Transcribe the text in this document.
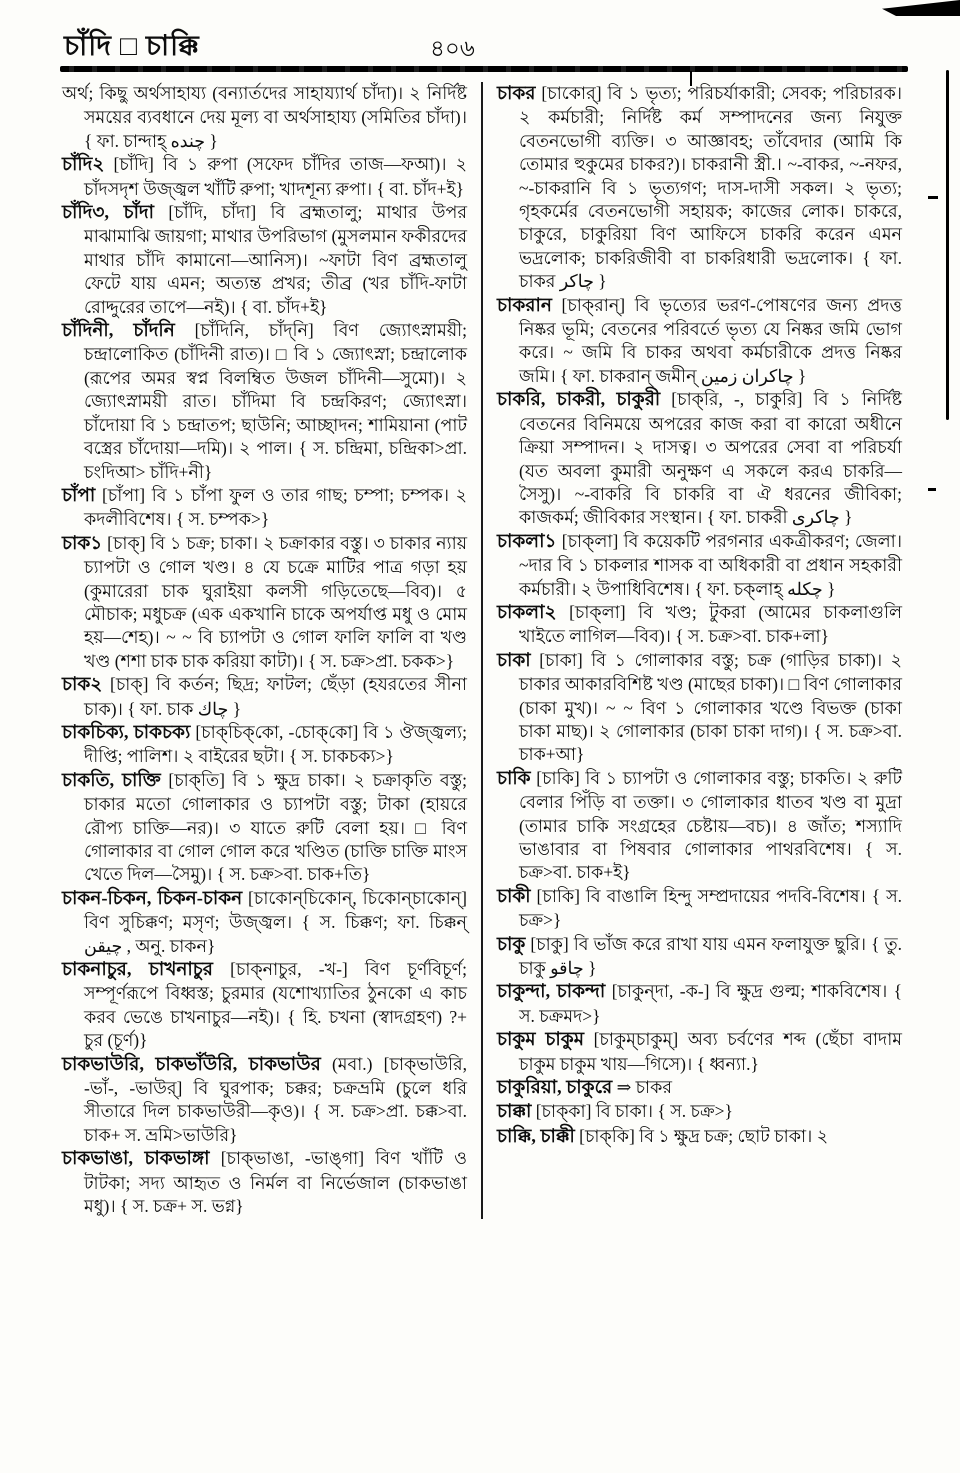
চাঁদি □ চাক্কি	৪০৬

অর্থ; কিছু অর্থসাহায্য (বন্যার্তদের সাহায্যার্থ চাঁদা)। ২ নির্দিষ্ট সময়ের ব্যবধানে দেয় মূল্য বা অর্থসাহায্য (সমিতির চাঁদা)। { ফা. চান্দাহ্ چنده }

চাঁদি২ [চাঁদি] বি ১ রুপা (সফেদ চাঁদির তাজ—ফআ)। ২ চাঁদসদৃশ উজ্জ্বল খাঁটি রুপা; খাদশূন্য রুপা। { বা. চাঁদ+ই}

চাঁদি৩, চাঁদা [চাঁদি, চাঁদা] বি ব্রহ্মতালু; মাথার উপর মাঝামাঝি জায়গা; মাথার উপরিভাগ (মুসলমান ফকীরদের মাথার চাঁদি কামানো—আনিস)। ~ফাটা বিণ ব্রহ্মতালু ফেটে যায় এমন; অত্যন্ত প্রখর; তীব্র (খর চাঁদি-ফাটা রোদ্দুরের তাপে—নই)। { বা. চাঁদ+ই}

চাঁদিনী, চাঁদনি [চাঁদিনি, চাঁদ্‌নি] বিণ জ্যোৎস্নাময়ী; চন্দ্রালোকিত (চাঁদিনী রাত)। □ বি ১ জ্যোৎস্না; চন্দ্রালোক (রূপের অমর স্বপ্ন বিলম্বিত উজল চাঁদিনী—সুমো)। ২ জ্যোৎস্নাময়ী রাত। চাঁদিমা বি চন্দ্রকিরণ; জ্যোৎস্না। চাঁদোয়া বি ১ চন্দ্রাতপ; ছাউনি; আচ্ছাদন; শামিয়ানা (পাট বস্ত্রের চাঁদোয়া—দমি)। ২ পাল। { স. চন্দ্রিমা, চন্দ্রিকা>প্রা. চংদিআ> চাঁদি+নী}

চাঁপা [চাঁপা] বি ১ চাঁপা ফুল ও তার গাছ; চম্পা; চম্পক। ২ কদলীবিশেষ। { স. চম্পক>}

চাক১ [চাক্] বি ১ চক্র; চাকা। ২ চক্রাকার বস্তু। ৩ চাকার ন্যায় চ্যাপটা ও গোল খণ্ড। ৪ যে চক্রে মাটির পাত্র গড়া হয় (কুমারেরা চাক ঘুরাইয়া কলসী গড়িতেছে—বিব)। ৫ মৌচাক; মধুচক্র (এক একখানি চাকে অপর্যাপ্ত মধু ও মোম হয়—শেহ)। ~ ~ বি চ্যাপটা ও গোল ফালি ফালি বা খণ্ড খণ্ড (শশা চাক চাক করিয়া কাটা)। { স. চক্র>প্রা. চকক>}

চাক২ [চাক্] বি কর্তন; ছিদ্র; ফাটল; ছেঁড়া (হযরতের সীনা চাক)। { ফা. চাক چاك }

চাকচিক্য, চাকচক্য [চাক্‌চিক্‌কো, -চোক্‌কো] বি ১ ঔজ্জ্বল্য; দীপ্তি; পালিশ। ২ বাইরের ছটা। { স. চাকচক্য>}

চাকতি, চাক্তি [চাক্‌তি] বি ১ ক্ষুদ্র চাকা। ২ চক্রাকৃতি বস্তু; চাকার মতো গোলাকার ও চ্যাপটা বস্তু; টাকা (হায়রে রৌপ্য চাক্তি—নর)। ৩ যাতে রুটি বেলা হয়। □ বিণ গোলাকার বা গোল গোল করে খণ্ডিত (চাক্তি চাক্তি মাংস খেতে দিল—সৈমু)। { স. চক্র>বা. চাক+তি}

চাকন-চিকন, চিকন-চাকন [চাকোন্‌চিকোন্‌, চিকোন্‌চাকোন্‌] বিণ সুচিক্কণ; মসৃণ; উজ্জ্বল। { স. চিক্কণ; ফা. চিক্কন্ چيقن , অনু. চাকন}

চাকনাচুর, চাখনাচুর [চাক্‌নাচুর, -খ-] বিণ চূর্ণবিচূর্ণ; সম্পূর্ণরূপে বিধ্বস্ত; চুরমার (যশোখ্যাতির ঠুনকো এ কাচ করব ভেঙে চাখনাচুর—নই)। { হি. চখনা (স্বাদগ্রহণ) ?+ চুর (চূর্ণ)}

চাকভাউরি, চাকভাঁউরি, চাকভাউর (মবা.) [চাক্‌ভাউরি, -ভাঁ-, -ভাউর্] বি ঘুরপাক; চক্কর; চক্রভ্রমি (চুলে ধরি সীতারে দিল চাকভাউরী—কৃও)। { স. চক্র>প্রা. চক্ক>বা. চাক+ স. ভ্রমি>ভাউরি}

চাকভাঙা, চাকভাঙ্গা [চাক্‌ভাঙা, -ভাঙ্‌গা] বিণ খাঁটি ও টাটকা; সদ্য আহৃত ও নির্মল বা নির্ভেজাল (চাকভাঙা মধু)। { স. চক্র+ স. ভগ্ন}

চাকর [চাকোর্] বি ১ ভৃত্য; পরিচর্যাকারী; সেবক; পরিচারক। ২ কর্মচারী; নির্দিষ্ট কর্ম সম্পাদনের জন্য নিযুক্ত বেতনভোগী ব্যক্তি। ৩ আজ্ঞাবহ; তাঁবেদার (আমি কি তোমার হুকুমের চাকর?)। চাকরানী স্ত্রী.। ~-বাকর, ~-নফর, ~-চাকরানি বি ১ ভৃত্যগণ; দাস-দাসী সকল। ২ ভৃত্য; গৃহকর্মের বেতনভোগী সহায়ক; কাজের লোক। চাকরে, চাকুরে, চাকুরিয়া বিণ আফিসে চাকরি করেন এমন ভদ্রলোক; চাকরিজীবী বা চাকরিধারী ভদ্রলোক। { ফা. চাকর چاكر }

চাকরান [চাক্‌রান্] বি ভৃত্যের ভরণ-পোষণের জন্য প্রদত্ত নিষ্কর ভূমি; বেতনের পরিবর্তে ভৃত্য যে নিষ্কর জমি ভোগ করে। ~ জমি বি চাকর অথবা কর্মচারীকে প্রদত্ত নিষ্কর জমি। { ফা. চাকরান্ জমীন্ چاكران زمين }

চাকরি, চাকরী, চাকুরী [চাক্‌রি, -, চাকুরি] বি ১ নির্দিষ্ট বেতনের বিনিময়ে অপরের কাজ করা বা কারো অধীনে ক্রিয়া সম্পাদন। ২ দাসত্ব। ৩ অপরের সেবা বা পরিচর্যা (যত অবলা কুমারী অনুক্ষণ এ সকলে করএ চাকরি—সৈসু)। ~-বাকরি বি চাকরি বা ঐ ধরনের জীবিকা; কাজকর্ম; জীবিকার সংস্থান। { ফা. চাকরী چاكرى }

চাকলা১ [চাক্‌লা] বি কয়েকটি পরগনার একত্রীকরণ; জেলা। ~দার বি ১ চাকলার শাসক বা অধিকারী বা প্রধান সহকারী কর্মচারী। ২ উপাধিবিশেষ। { ফা. চক্‌লাহ্ چكله }

চাকলা২ [চাক্‌লা] বি খণ্ড; টুকরা (আমের চাকলাগুলি খাইতে লাগিল—বিব)। { স. চক্র>বা. চাক+লা}

চাকা [চাকা] বি ১ গোলাকার বস্তু; চক্র (গাড়ির চাকা)। ২ চাকার আকারবিশিষ্ট খণ্ড (মাছের চাকা)। □ বিণ গোলাকার (চাকা মুখ)। ~ ~ বিণ ১ গোলাকার খণ্ডে বিভক্ত (চাকা চাকা মাছ)। ২ গোলাকার (চাকা চাকা দাগ)। { স. চক্র>বা. চাক+আ}

চাকি [চাকি] বি ১ চ্যাপটা ও গোলাকার বস্তু; চাকতি। ২ রুটি বেলার পিঁড়ি বা তক্তা। ৩ গোলাকার ধাতব খণ্ড বা মুদ্রা (তামার চাকি সংগ্রহের চেষ্টায়—বচ)। ৪ জাঁত; শস্যাদি ভাঙাবার বা পিষবার গোলাকার পাথরবিশেষ। { স. চক্র>বা. চাক+ই}

চাকী [চাকি] বি বাঙালি হিন্দু সম্প্রদায়ের পদবি-বিশেষ। { স. চক্র>}

চাকু [চাকু] বি ভাঁজ করে রাখা যায় এমন ফলাযুক্ত ছুরি। { তু. চাকু چاقو }

চাকুন্দা, চাকন্দা [চাকুন্‌দা, -ক-] বি ক্ষুদ্র গুল্ম; শাকবিশেষ। { স. চক্রমদ>}

চাকুম চাকুম [চাকুম্‌চাকুম্] অব্য চর্বণের শব্দ (ছেঁচা বাদাম চাকুম চাকুম খায়—গিসে)। { ধ্বন্যা.}

চাকুরিয়া, চাকুরে ⇒ চাকর

চাক্কা [চাক্‌কা] বি চাকা। { স. চক্র>}

চাক্কি, চাক্কী [চাক্‌কি] বি ১ ক্ষুদ্র চক্র; ছোট চাকা। ২
